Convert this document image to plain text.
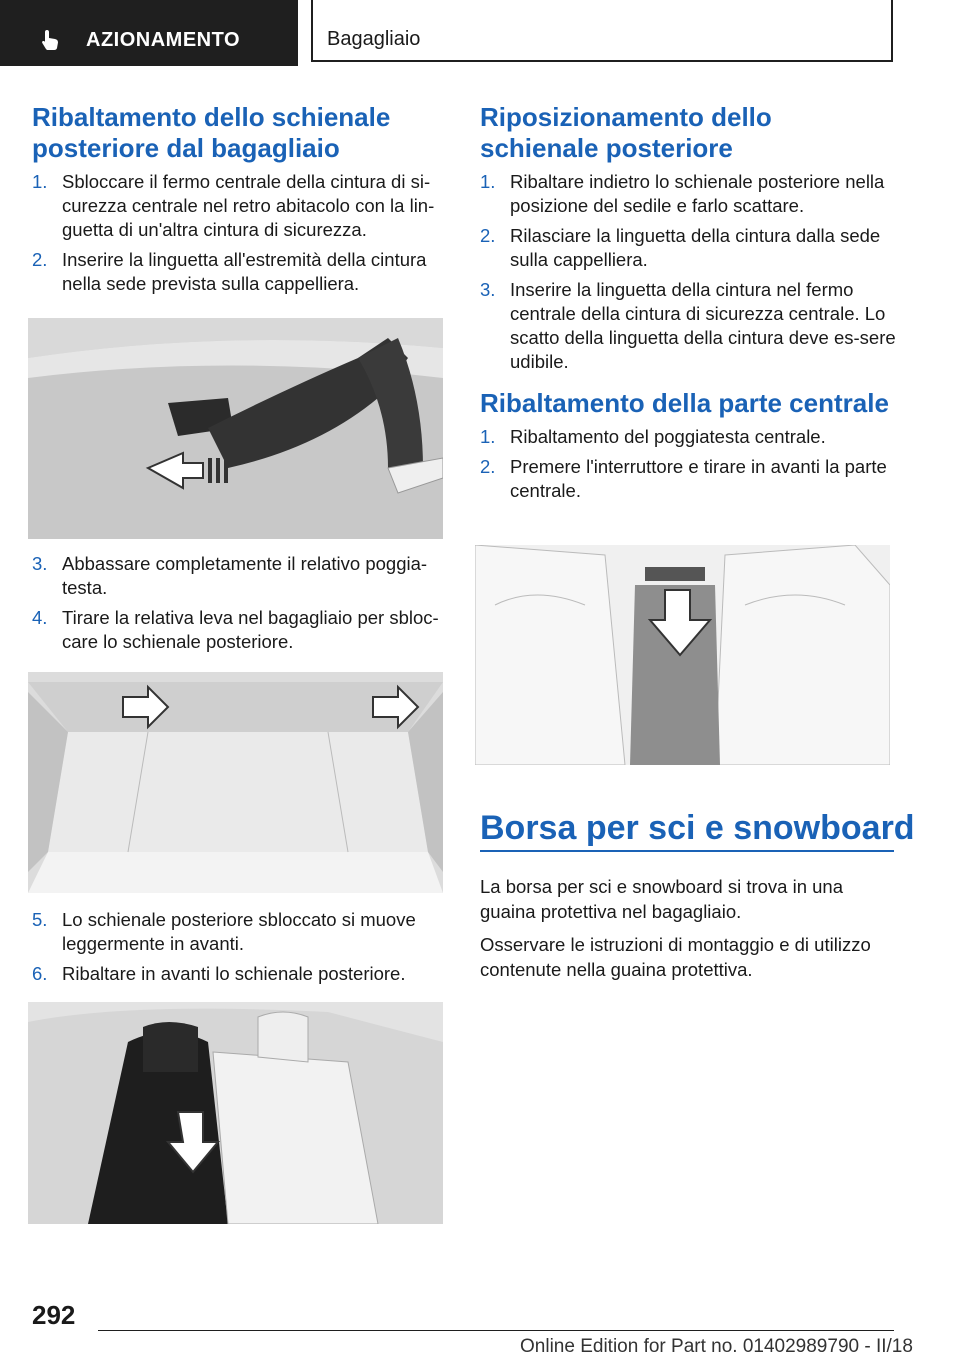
AZIONAMENTO	Bagagliaio
Ribaltamento dello schienale posteriore dal bagagliaio
1. Sbloccare il fermo centrale della cintura di si-curezza centrale nel retro abitacolo con la lin-guetta di un'altra cintura di sicurezza.
2. Inserire la linguetta all'estremità della cintura nella sede prevista sulla cappelliera.
3. Abbassare completamente il relativo poggia-testa.
4. Tirare la relativa leva nel bagagliaio per sbloc-care lo schienale posteriore.
5. Lo schienale posteriore sbloccato si muove leggermente in avanti.
6. Ribaltare in avanti lo schienale posteriore.
Riposizionamento dello schienale posteriore
1. Ribaltare indietro lo schienale posteriore nella posizione del sedile e farlo scattare.
2. Rilasciare la linguetta della cintura dalla sede sulla cappelliera.
3. Inserire la linguetta della cintura nel fermo centrale della cintura di sicurezza centrale. Lo scatto della linguetta della cintura deve es-sere udibile.
Ribaltamento della parte centrale
1. Ribaltamento del poggiatesta centrale.
2. Premere l'interruttore e tirare in avanti la parte centrale.
Borsa per sci e snowboard

La borsa per sci e snowboard si trova in una guaina protettiva nel bagagliaio.

Osservare le istruzioni di montaggio e di utilizzo contenute nella guaina protettiva.

292
Online Edition for Part no. 01402989790 - II/18
